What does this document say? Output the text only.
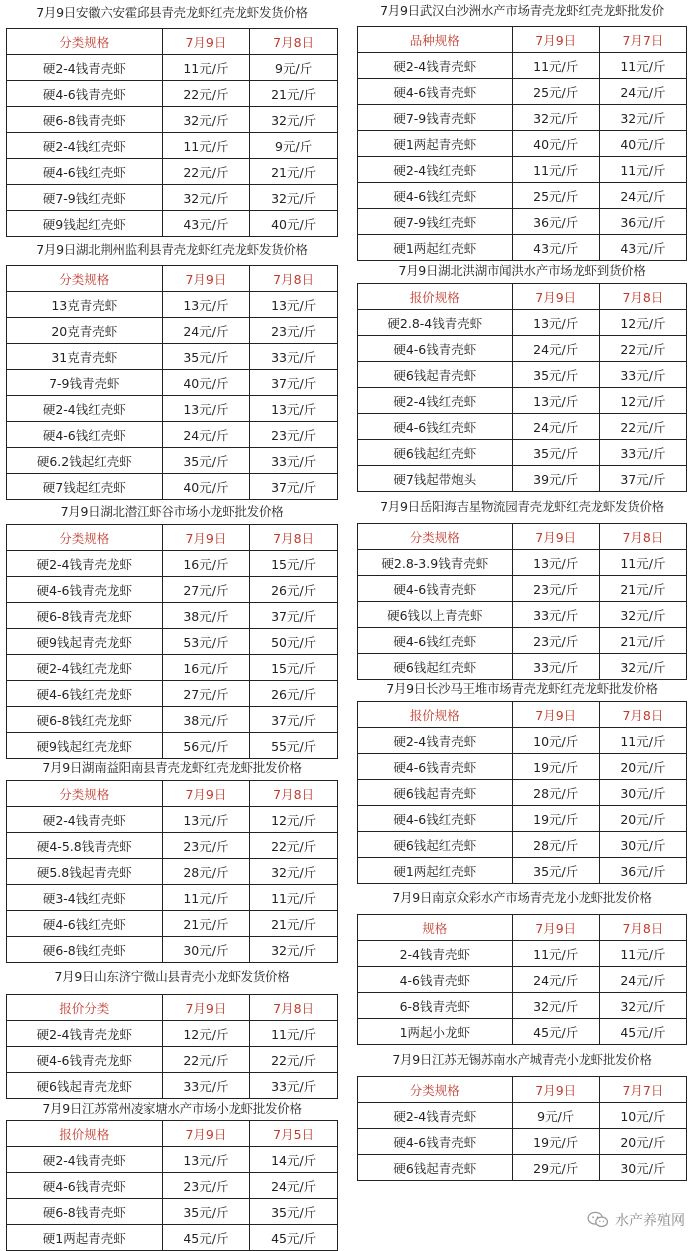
7月9日安徽六安霍邱县青壳龙虾红壳龙虾发货价格
分类规格	7月9日	7月8日
硬2-4钱青壳虾	11元/斤	9元/斤
硬4-6钱青壳虾	22元/斤	21元/斤
硬6-8钱青壳虾	32元/斤	32元/斤
硬2-4钱红壳虾	11元/斤	9元/斤
硬4-6钱红壳虾	22元/斤	21元/斤
硬7-9钱红壳虾	32元/斤	32元/斤
硬9钱起红壳虾	43元/斤	40元/斤
7月9日湖北荆州监利县青壳龙虾红壳龙虾发货价格
分类规格	7月9日	7月8日
13克青壳虾	13元/斤	13元/斤
20克青壳虾	24元/斤	23元/斤
31克青壳虾	35元/斤	33元/斤
7-9钱青壳虾	40元/斤	37元/斤
硬2-4钱红壳虾	13元/斤	13元/斤
硬4-6钱红壳虾	24元/斤	23元/斤
硬6.2钱起红壳虾	35元/斤	33元/斤
硬7钱起红壳虾	40元/斤	37元/斤
7月9日湖北潜江虾谷市场小龙虾批发价格
分类规格	7月9日	7月8日
硬2-4钱青壳龙虾	16元/斤	15元/斤
硬4-6钱青壳龙虾	27元/斤	26元/斤
硬6-8钱青壳龙虾	38元/斤	37元/斤
硬9钱起青壳龙虾	53元/斤	50元/斤
硬2-4钱红壳龙虾	16元/斤	15元/斤
硬4-6钱红壳龙虾	27元/斤	26元/斤
硬6-8钱红壳龙虾	38元/斤	37元/斤
硬9钱起红壳龙虾	56元/斤	55元/斤
7月9日湖南益阳南县青壳龙虾红壳龙虾批发价格
分类规格	7月9日	7月8日
硬2-4钱青壳虾	13元/斤	12元/斤
硬4-5.8钱青壳虾	23元/斤	22元/斤
硬5.8钱起青壳虾	28元/斤	32元/斤
硬3-4钱红壳虾	11元/斤	11元/斤
硬4-6钱红壳虾	21元/斤	21元/斤
硬6-8钱红壳虾	30元/斤	32元/斤
7月9日山东济宁微山县青壳小龙虾发货价格
报价分类	7月9日	7月8日
硬2-4钱青壳龙虾	12元/斤	11元/斤
硬4-6钱青壳龙虾	22元/斤	22元/斤
硬6钱起青壳龙虾	33元/斤	33元/斤
7月9日江苏常州凌家塘水产市场小龙虾批发价格
报价规格	7月9日	7月5日
硬2-4钱青壳虾	13元/斤	14元/斤
硬4-6钱青壳虾	23元/斤	24元/斤
硬6-8钱青壳虾	35元/斤	35元/斤
硬1两起青壳虾	45元/斤	45元/斤
7月9日武汉白沙洲水产市场青壳龙虾红壳龙虾批发价
品种规格	7月9日	7月7日
硬2-4钱青壳虾	11元/斤	11元/斤
硬4-6钱青壳虾	25元/斤	24元/斤
硬7-9钱青壳虾	32元/斤	32元/斤
硬1两起青壳虾	40元/斤	40元/斤
硬2-4钱红壳虾	11元/斤	11元/斤
硬4-6钱红壳虾	25元/斤	24元/斤
硬7-9钱红壳虾	36元/斤	36元/斤
硬1两起红壳虾	43元/斤	43元/斤
7月9日湖北洪湖市闻洪水产市场龙虾到货价格
报价规格	7月9日	7月8日
硬2.8-4钱青壳虾	13元/斤	12元/斤
硬4-6钱青壳虾	24元/斤	22元/斤
硬6钱起青壳虾	35元/斤	33元/斤
硬2-4钱红壳虾	13元/斤	12元/斤
硬4-6钱红壳虾	24元/斤	22元/斤
硬6钱起红壳虾	35元/斤	33元/斤
硬7钱起带炮头	39元/斤	37元/斤
7月9日岳阳海吉星物流园青壳龙虾红壳龙虾发货价格
分类规格	7月9日	7月8日
硬2.8-3.9钱青壳虾	13元/斤	11元/斤
硬4-6钱青壳虾	23元/斤	21元/斤
硬6钱以上青壳虾	33元/斤	32元/斤
硬4-6钱红壳虾	23元/斤	21元/斤
硬6钱起红壳虾	33元/斤	32元/斤
7月9日长沙马王堆市场青壳龙虾红壳龙虾批发价格
报价规格	7月9日	7月8日
硬2-4钱青壳虾	10元/斤	11元/斤
硬4-6钱青壳虾	19元/斤	20元/斤
硬6钱起青壳虾	28元/斤	30元/斤
硬4-6钱红壳虾	19元/斤	20元/斤
硬6钱起红壳虾	28元/斤	30元/斤
硬1两起红壳虾	35元/斤	36元/斤
7月9日南京众彩水产市场青壳龙小龙虾批发价格
规格	7月9日	7月8日
2-4钱青壳虾	11元/斤	11元/斤
4-6钱青壳虾	24元/斤	24元/斤
6-8钱青壳虾	32元/斤	32元/斤
1两起小龙虾	45元/斤	45元/斤
7月9日江苏无锡苏南水产城青壳小龙虾批发价格
分类规格	7月9日	7月7日
硬2-4钱青壳虾	9元/斤	10元/斤
硬4-6钱青壳虾	19元/斤	20元/斤
硬6钱起青壳虾	29元/斤	30元/斤
水产养殖网
